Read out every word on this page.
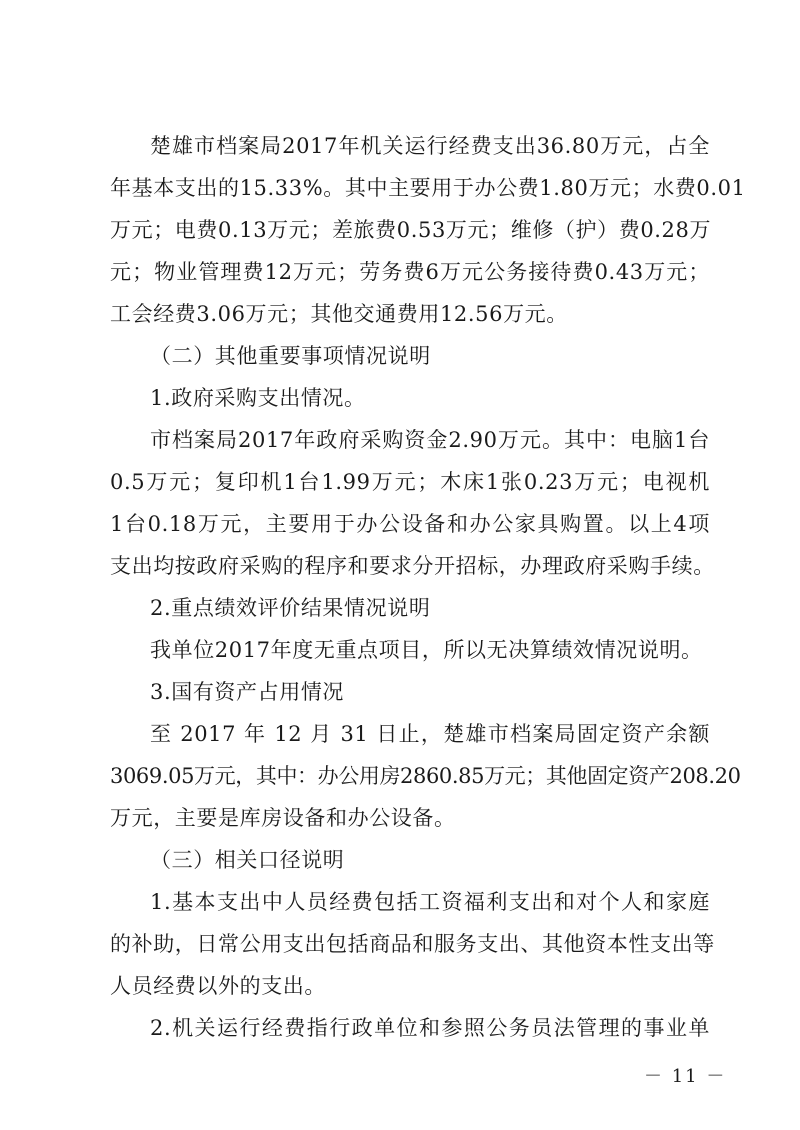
楚雄市档案局2017年机关运行经费支出36.80万元，占全
年基本支出的15.33%。其中主要用于办公费1.80万元；水费0.01
万元；电费0.13万元；差旅费0.53万元；维修（护）费0.28万
元；物业管理费12万元；劳务费6万元公务接待费0.43万元；
工会经费3.06万元；其他交通费用12.56万元。
（二）其他重要事项情况说明
1.政府采购支出情况。
市档案局2017年政府采购资金2.90万元。其中：电脑1台
0.5万元；复印机1台1.99万元；木床1张0.23万元；电视机
1台0.18万元，主要用于办公设备和办公家具购置。以上4项
支出均按政府采购的程序和要求分开招标，办理政府采购手续。
2.重点绩效评价结果情况说明
我单位2017年度无重点项目，所以无决算绩效情况说明。
3.国有资产占用情况
至 2017 年 12 月 31 日止，楚雄市档案局固定资产余额
3069.05万元，其中：办公用房2860.85万元；其他固定资产208.20
万元，主要是库房设备和办公设备。
（三）相关口径说明
1.基本支出中人员经费包括工资福利支出和对个人和家庭
的补助，日常公用支出包括商品和服务支出、其他资本性支出等
人员经费以外的支出。
2.机关运行经费指行政单位和参照公务员法管理的事业单
－ 11 －
